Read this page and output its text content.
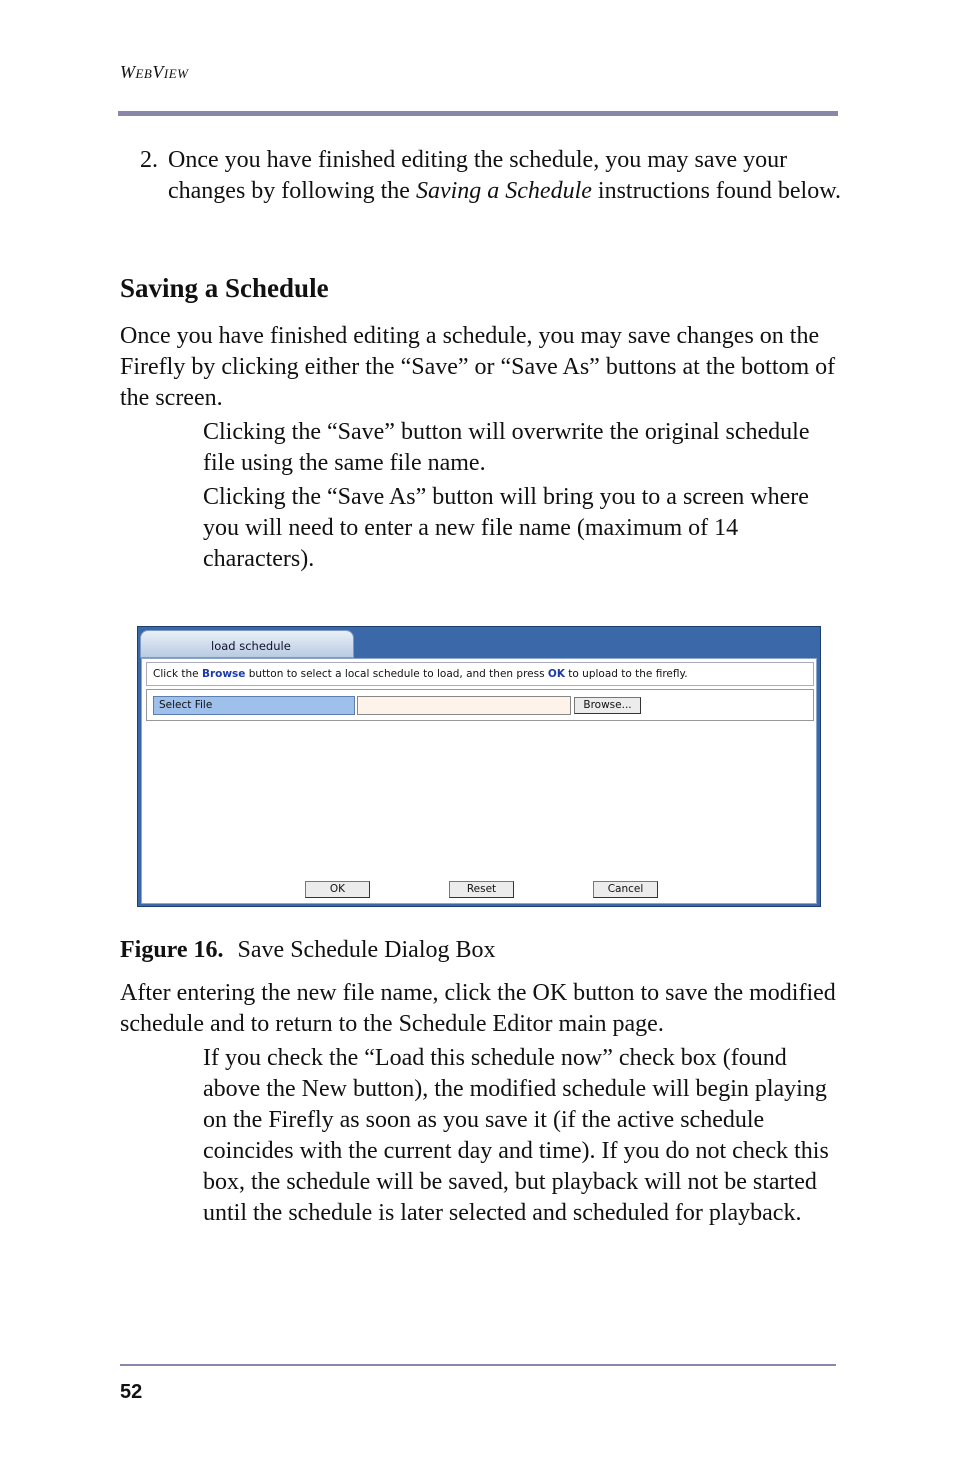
WebView
2. Once you have finished editing the schedule, you may save your changes by following the Saving a Schedule instructions found below.
Saving a Schedule

Once you have finished editing a schedule, you may save changes on the Firefly by clicking either the “Save” or “Save As” buttons at the bottom of the screen.

Clicking the “Save” button will overwrite the original schedule file using the same file name.

Clicking the “Save As” button will bring you to a screen where you will need to enter a new file name (maximum of 14 characters).

load schedule
Click the Browse button to select a local schedule to load, and then press OK to upload to the firefly.
Select File	Browse...
OK	Reset	Cancel
Figure 16. Save Schedule Dialog Box

After entering the new file name, click the OK button to save the modified schedule and to return to the Schedule Editor main page.

If you check the “Load this schedule now” check box (found above the New button), the modified schedule will begin playing on the Firefly as soon as you save it (if the active schedule coincides with the current day and time). If you do not check this box, the schedule will be saved, but playback will not be started until the schedule is later selected and scheduled for playback.

52
